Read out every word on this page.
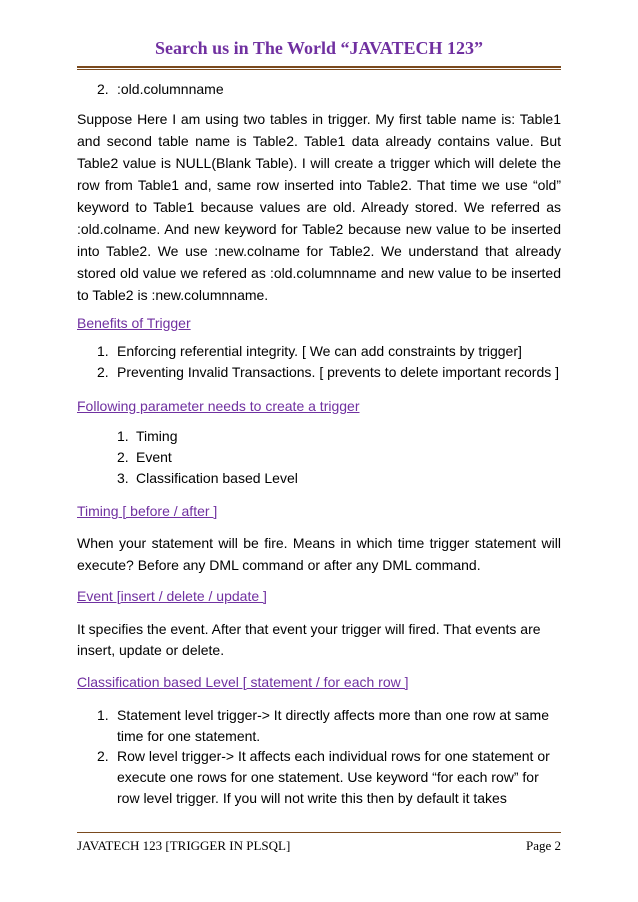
Search us in The World “JAVATECH 123”
2. :old.columnname
Suppose Here I am using two tables in trigger. My first table name is: Table1 and second table name is Table2. Table1 data already contains value. But Table2 value is NULL(Blank Table). I will create a trigger which will delete the row from Table1 and, same row inserted into Table2. That time we use “old” keyword to Table1 because values are old. Already stored. We referred as :old.colname. And new keyword for Table2 because new value to be inserted into Table2. We use :new.colname for Table2. We understand that already stored old value we refered as :old.columnname and new value to be inserted to Table2 is :new.columnname.
Benefits of Trigger
1. Enforcing referential integrity. [ We can add constraints by trigger]

2. Preventing Invalid Transactions. [ prevents to delete important records ]

Following parameter needs to create a trigger
1. Timing

2. Event

3. Classification based Level

Timing [ before / after ]
When your statement will be fire. Means in which time trigger statement will execute? Before any DML command or after any DML command.
Event [insert / delete / update ]
It specifies the event. After that event your trigger will fired. That events are
insert, update or delete.
Classification based Level [ statement / for each row ]
1. Statement level trigger-> It directly affects more than one row at same
time for one statement.
2. Row level trigger-> It affects each individual rows for one statement or
execute one rows for one statement. Use keyword “for each row” for
row level trigger. If you will not write this then by default it takes
JAVATECH 123 [TRIGGER IN PLSQL]	Page 2
